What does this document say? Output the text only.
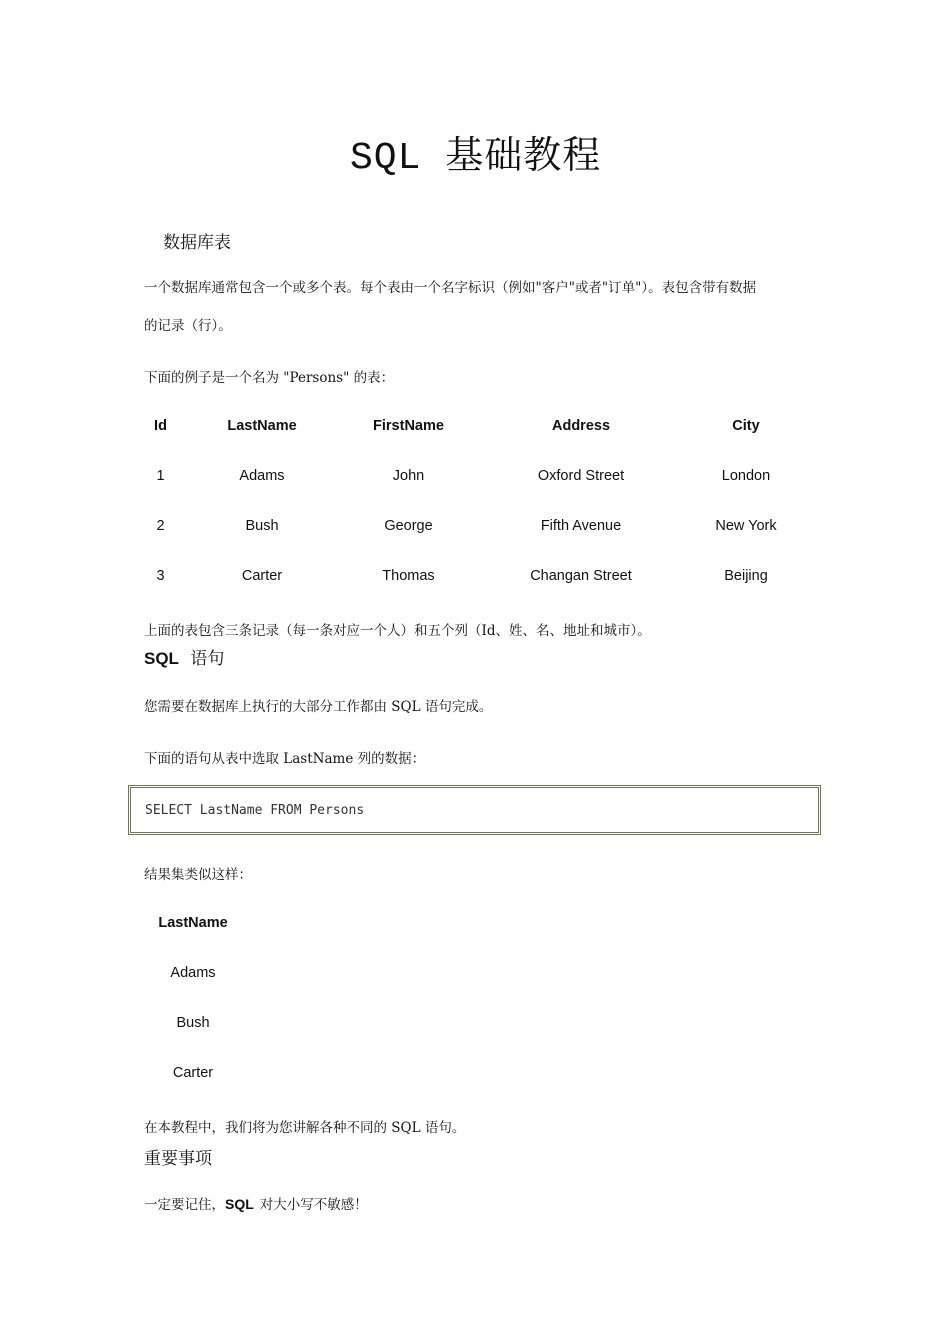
SQL 基础教程
数据库表
一个数据库通常包含一个或多个表。每个表由一个名字标识（例如"客户"或者"订单"）。表包含带有数据
的记录（行）。
下面的例子是一个名为 "Persons" 的表：
Id	LastName	FirstName	Address	City
1	Adams	John	Oxford Street	London
2	Bush	George	Fifth Avenue	New York
3	Carter	Thomas	Changan Street	Beijing
上面的表包含三条记录（每一条对应一个人）和五个列（Id、姓、名、地址和城市）。
SQL 语句
您需要在数据库上执行的大部分工作都由 SQL 语句完成。
下面的语句从表中选取 LastName 列的数据：
SELECT LastName FROM Persons
结果集类似这样：
LastName
Adams
Bush
Carter
在本教程中，我们将为您讲解各种不同的 SQL 语句。
重要事项
一定要记住，SQL 对大小写不敏感！
